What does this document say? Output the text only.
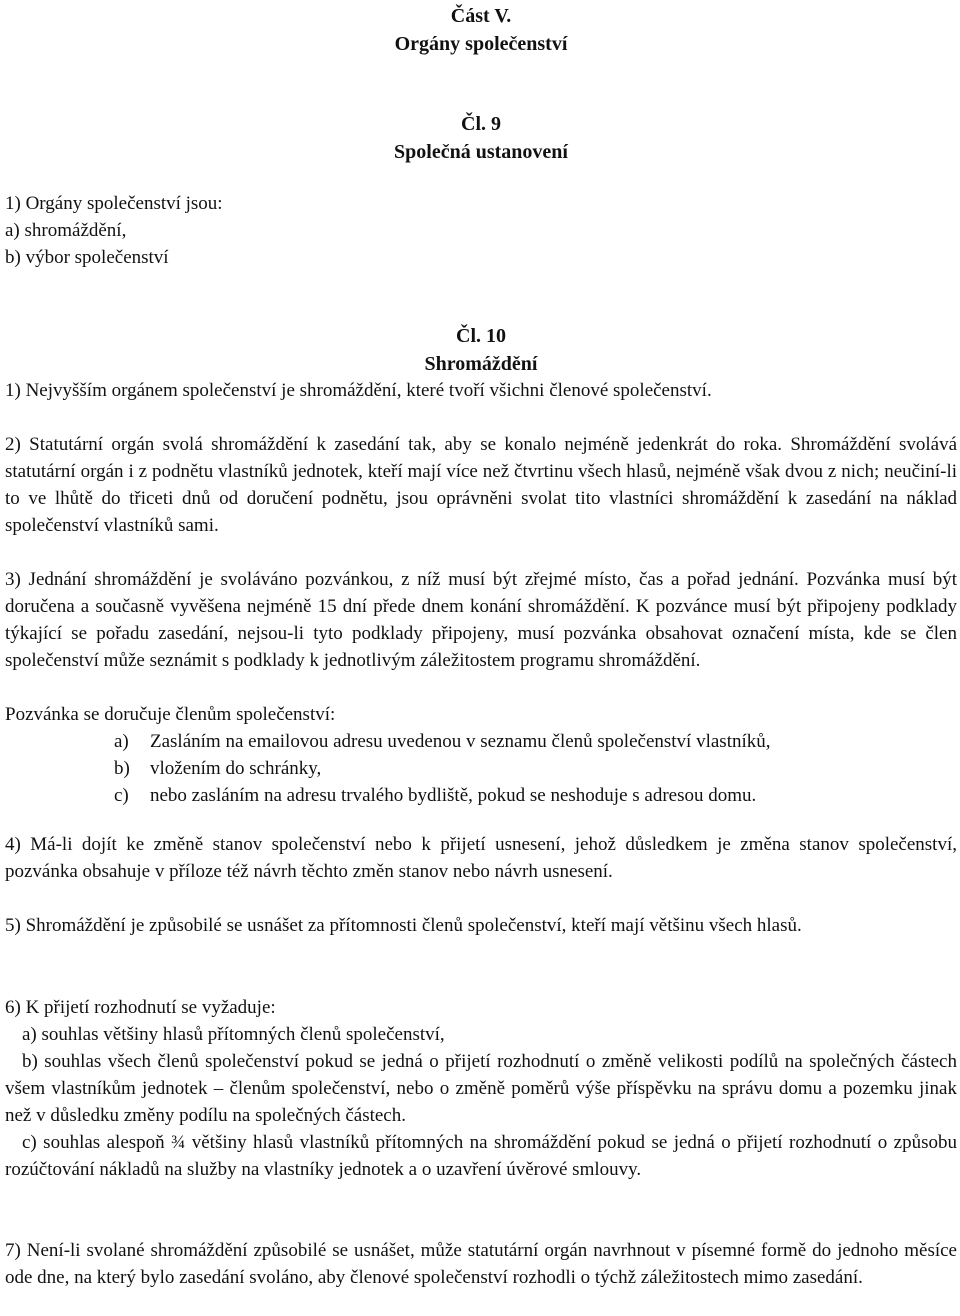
Část V.
Orgány společenství
Čl. 9
Společná ustanovení
1) Orgány společenství jsou:
a) shromáždění,
b) výbor společenství
Čl. 10
Shromáždění
1) Nejvyšším orgánem společenství je shromáždění, které tvoří všichni členové společenství.

2) Statutární orgán svolá shromáždění k zasedání tak, aby se konalo nejméně jedenkrát do roka. Shromáždění svolává statutární orgán i z podnětu vlastníků jednotek, kteří mají více než čtvrtinu všech hlasů, nejméně však dvou z nich; neučiní-li to ve lhůtě do třiceti dnů od doručení podnětu, jsou oprávněni svolat tito vlastníci shromáždění k zasedání na náklad společenství vlastníků sami.

3) Jednání shromáždění je svoláváno pozvánkou, z níž musí být zřejmé místo, čas a pořad jednání. Pozvánka musí být doručena a současně vyvěšena nejméně 15 dní přede dnem konání shromáždění. K pozvánce musí být připojeny podklady týkající se pořadu zasedání, nejsou-li tyto podklady připojeny, musí pozvánka obsahovat označení místa, kde se člen společenství může seznámit s podklady k jednotlivým záležitostem programu shromáždění.

Pozvánka se doručuje členům společenství:
a) Zasláním na emailovou adresu uvedenou v seznamu členů společenství vlastníků,
b) vložením do schránky,
c) nebo zasláním na adresu trvalého bydliště, pokud se neshoduje s adresou domu.

4) Má-li dojít ke změně stanov společenství nebo k přijetí usnesení, jehož důsledkem je změna stanov společenství, pozvánka obsahuje v příloze též návrh těchto změn stanov nebo návrh usnesení.

5) Shromáždění je způsobilé se usnášet za přítomnosti členů společenství, kteří mají většinu všech hlasů.

6) K přijetí rozhodnutí se vyžaduje:
a) souhlas většiny hlasů přítomných členů společenství,

b) souhlas všech členů společenství pokud se jedná o přijetí rozhodnutí o změně velikosti podílů na společných částech všem vlastníkům jednotek – členům společenství, nebo o změně poměrů výše příspěvku na správu domu a pozemku jinak než v důsledku změny podílu na společných částech.

c) souhlas alespoň ¾ většiny hlasů vlastníků přítomných na shromáždění pokud se jedná o přijetí rozhodnutí o způsobu rozúčtování nákladů na služby na vlastníky jednotek a o uzavření úvěrové smlouvy.

7) Není-li svolané shromáždění způsobilé se usnášet, může statutární orgán navrhnout v písemné formě do jednoho měsíce ode dne, na který bylo zasedání svoláno, aby členové společenství rozhodli o týchž záležitostech mimo zasedání.
